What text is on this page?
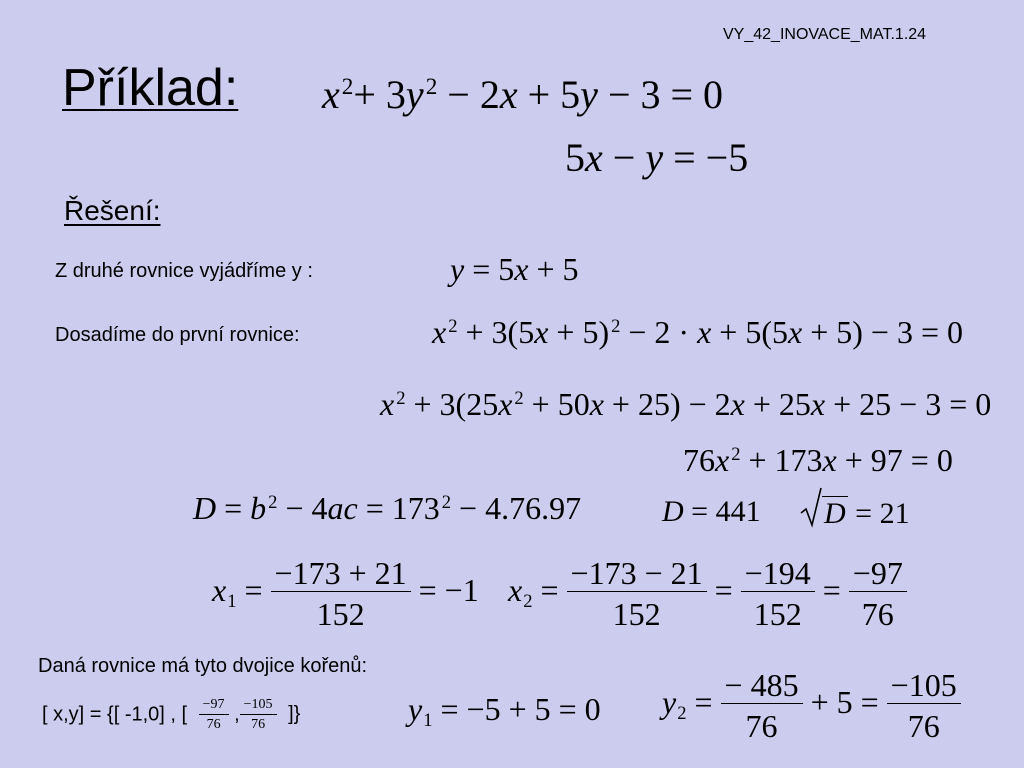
VY_42_INOVACE_MAT.1.24
Příklad: $x^2+ 3y^2 - 2x + 5y - 3 = 0$
5x − y = −5
Řešení:
Z druhé rovnice vyjádříme y :	y = 5x + 5
Dosadíme do první rovnice:	x $^2$ + 3(5x + 5) $^2$ − 2 · x + 5(5x + 5) − 3 = 0
x $^2$ + 3(25x $^2$ + 50x + 25) − 2x + 25x + 25 − 3 = 0
76x $^2$ + 173x + 97 = 0
D = b $^2$ − 4ac = 173 $^2$ − 4.76.97	D = 441	D = 21
$x_1 = \frac{-173 + 21}{152} = -1$ $x_2 = \frac{-173 - 21}{152} = \frac{-194}{152} = \frac{-97}{76}$
Daná rovnice má tyto dvojice kořenů:
[ x,y] = {[ -1,0] , [ $\frac{-97}{76}$ , $\frac{-105}{76}$ ]}	$y_1 = -5 + 5 = 0$ $y_2 = \frac{- 485}{76} + 5 = \frac{-105}{76}$
